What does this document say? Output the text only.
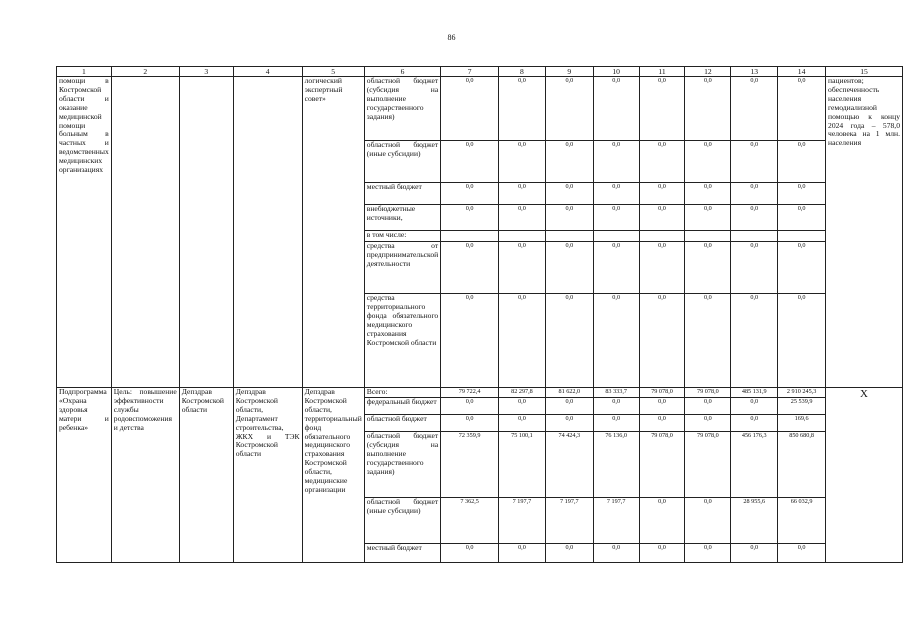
86
1	2	3	4	5	6	7	8	9	10	11	12	13	14	15
помощи в Костромской области и оказание медицинской помощи больным в частных и ведомственных медицинских организациях				логический экспертный совет»	областной бюджет (субсидия на выполнение государственного задания)	0,0	0,0	0,0	0,0	0,0	0,0	0,0	0,0	пациентов; обеспеченность населения гемодиализной помощью к концу 2024 года – 578,0 человека на 1 млн. населения
					областной бюджет (иные субсидии)	0,0	0,0	0,0	0,0	0,0	0,0	0,0	0,0	

					местный бюджет	0,0	0,0	0,0	0,0	0,0	0,0	0,0	0,0	

					внебюджетные источники,	0,0	0,0	0,0	0,0	0,0	0,0	0,0	0,0	

					в том числе:		

					средства от предпринимательской деятельности	0,0	0,0	0,0	0,0	0,0	0,0	0,0	0,0	

					средства территориального фонда обязательного медицинского страхования Костромской области	0,0	0,0	0,0	0,0	0,0	0,0	0,0	0,0	

Подпрограмма «Охрана здоровья матери и ребенка»	Цель: повышение эффективности службы родовспоможения и детства	Депздрав Костромской области	Депздрав Костромской области, Департамент строительства, ЖКХ и ТЭК Костромской области	Депздрав Костромской области, территориальный фонд обязательного медицинского страхования Костромской области, медицинские организации	Всего:	79 722,4	82 297,8	81 622,0	83 333,7	79 078,0	79 078,0	485 131,9	2 910 245,3	Х
					федеральный бюджет	0,0	0,0	0,0	0,0	0,0	0,0	0,0	25 539,9	

					областной бюджет	0,0	0,0	0,0	0,0	0,0	0,0	0,0	169,6	

					областной бюджет (субсидия на выполнение государственного задания)	72 359,9	75 100,1	74 424,3	76 136,0	79 078,0	79 078,0	456 176,3	850 680,8	

					областной бюджет (иные субсидии)	7 362,5	7 197,7	7 197,7	7 197,7	0,0	0,0	28 955,6	66 032,9	

					местный бюджет	0,0	0,0	0,0	0,0	0,0	0,0	0,0	0,0	
